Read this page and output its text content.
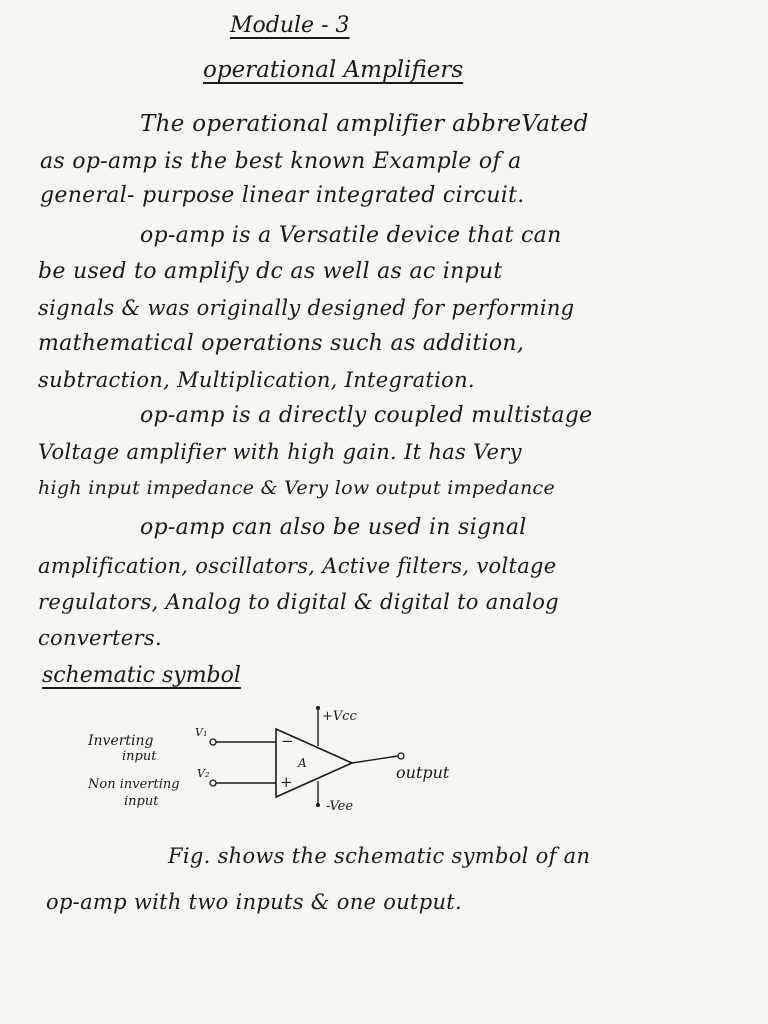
Module - 3
operational Amplifiers
The operational amplifier abbreVated
as op-amp is the best known Example of a
general- purpose linear integrated circuit.
op-amp is a Versatile device that can
be used to amplify dc as well as ac input
signals & was originally designed for performing
mathematical operations such as addition,
subtraction, Multiplication, Integration.
op-amp is a directly coupled multistage
Voltage amplifier with high gain. It has Very
high input impedance & Very low output impedance
op-amp can also be used in signal
amplification, oscillators, Active filters, voltage
regulators, Analog to digital & digital to analog
converters.
schematic symbol
+Vcc
-Vee
−
+
A
V₁
V₂
Inverting
input
Non inverting
input
output
Fig. shows the schematic symbol of an
op-amp with two inputs & one output.
